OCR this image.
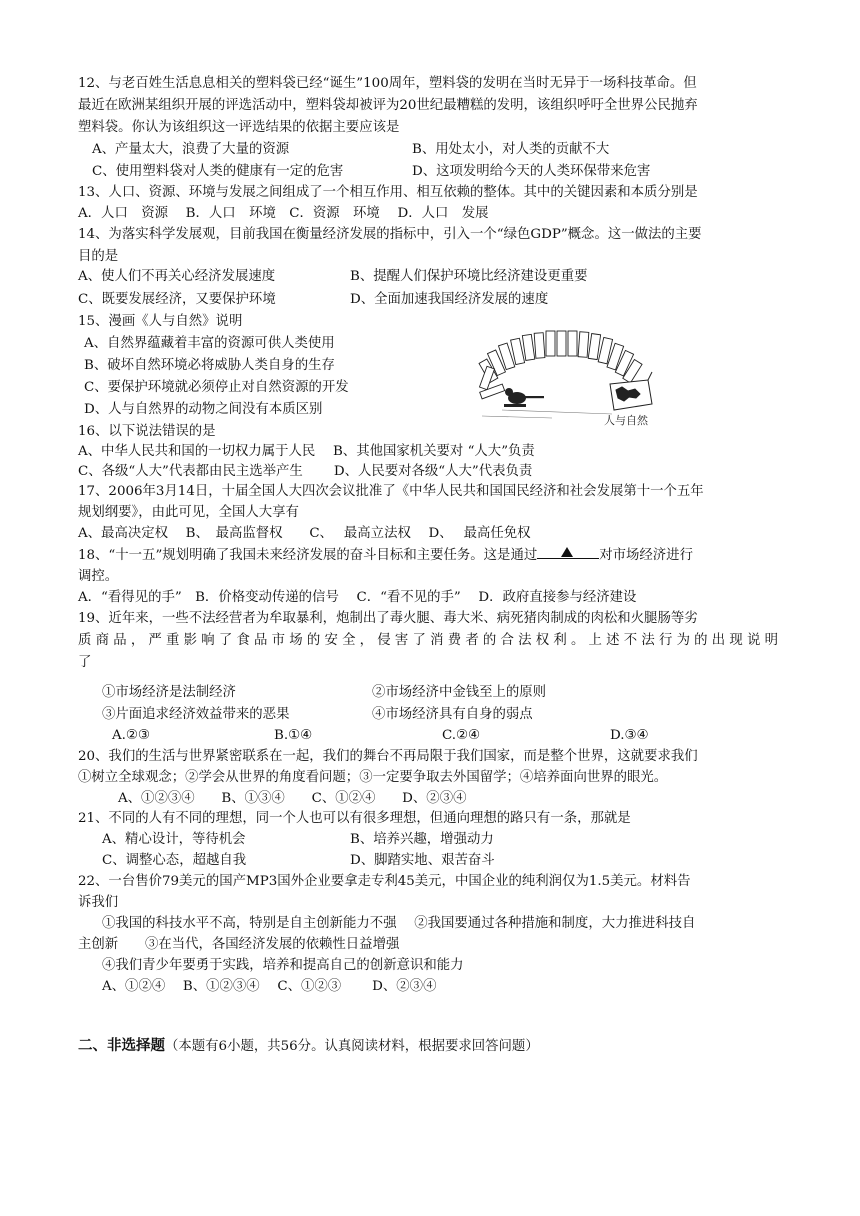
12、与老百姓生活息息相关的塑料袋已经“诞生”100周年，塑料袋的发明在当时无异于一场科技革命。但
最近在欧洲某组织开展的评选活动中，塑料袋却被评为20世纪最糟糕的发明，该组织呼吁全世界公民抛弃
塑料袋。你认为该组织这一评选结果的依据主要应该是
A、产量太大，浪费了大量的资源	B、用处太小，对人类的贡献不大
C、使用塑料袋对人类的健康有一定的危害	D、这项发明给今天的人类环保带来危害
13、人口、资源、环境与发展之间组成了一个相互作用、相互依赖的整体。其中的关键因素和本质分别是
A．人口　资源　 B．人口　环境　C．资源　环境　 D．人口　发展
14、为落实科学发展观，目前我国在衡量经济发展的指标中，引入一个“绿色GDP”概念。这一做法的主要
目的是
A、使人们不再关心经济发展速度	B、提醒人们保护环境比经济建设更重要
C、既要发展经济，又要保护环境	D、全面加速我国经济发展的速度
15、漫画《人与自然》说明
A、自然界蕴藏着丰富的资源可供人类使用
B、破坏自然环境必将威胁人类自身的生存
C、要保护环境就必须停止对自然资源的开发
D、人与自然界的动物之间没有本质区别
人与自然
16、以下说法错误的是
A、中华人民共和国的一切权力属于人民　 B、其他国家机关要对 “人大”负责
C、各级“人大”代表都由民主选举产生　　 D、人民要对各级“人大”代表负责
17、2006年3月14日，十届全国人大四次会议批准了《中华人民共和国国民经济和社会发展第十一个五年
规划纲要》，由此可见，全国人大享有
A、最高决定权　 B、　最高监督权　　C、　 最高立法权　 D、　 最高任免权
18、“十一五”规划明确了我国未来经济发展的奋斗目标和主要任务。这是通过	对市场经济进行
调控。
A．“看得见的手”　B．价格变动传递的信号　 C．“看不见的手”　 D．政府直接参与经济建设
19、近年来，一些不法经营者为牟取暴利，炮制出了毒火腿、毒大米、病死猪肉制成的肉松和火腿肠等劣
质商品，严重影响了食品市场的安全，侵害了消费者的合法权利。上述不法行为的出现说明
了
①市场经济是法制经济	②市场经济中金钱至上的原则
③片面追求经济效益带来的恶果	④市场经济具有自身的弱点
A.②③	B.①④	C.②④	D.③④
20、我们的生活与世界紧密联系在一起，我们的舞台不再局限于我们国家，而是整个世界，这就要求我们
①树立全球观念；②学会从世界的角度看问题；③一定要争取去外国留学；④培养面向世界的眼光。
A、①②③④　　B、①③④　　C、①②④　　D、②③④
21、不同的人有不同的理想，同一个人也可以有很多理想，但通向理想的路只有一条，那就是
A、精心设计，等待机会	B、培养兴趣，增强动力
C、调整心态，超越自我	D、脚踏实地、艰苦奋斗
22、一台售价79美元的国产MP3国外企业要拿走专利45美元，中国企业的纯利润仅为1.5美元。材料告
诉我们
①我国的科技水平不高，特别是自主创新能力不强　 ②我国要通过各种措施和制度，大力推进科技自
主创新　　③在当代，各国经济发展的依赖性日益增强
④我们青少年要勇于实践，培养和提高自己的创新意识和能力
A、①②④　 B、①②③④　 C、①②③　　 D、②③④
二、非选择题（本题有6小题，共56分。认真阅读材料，根据要求回答问题）
